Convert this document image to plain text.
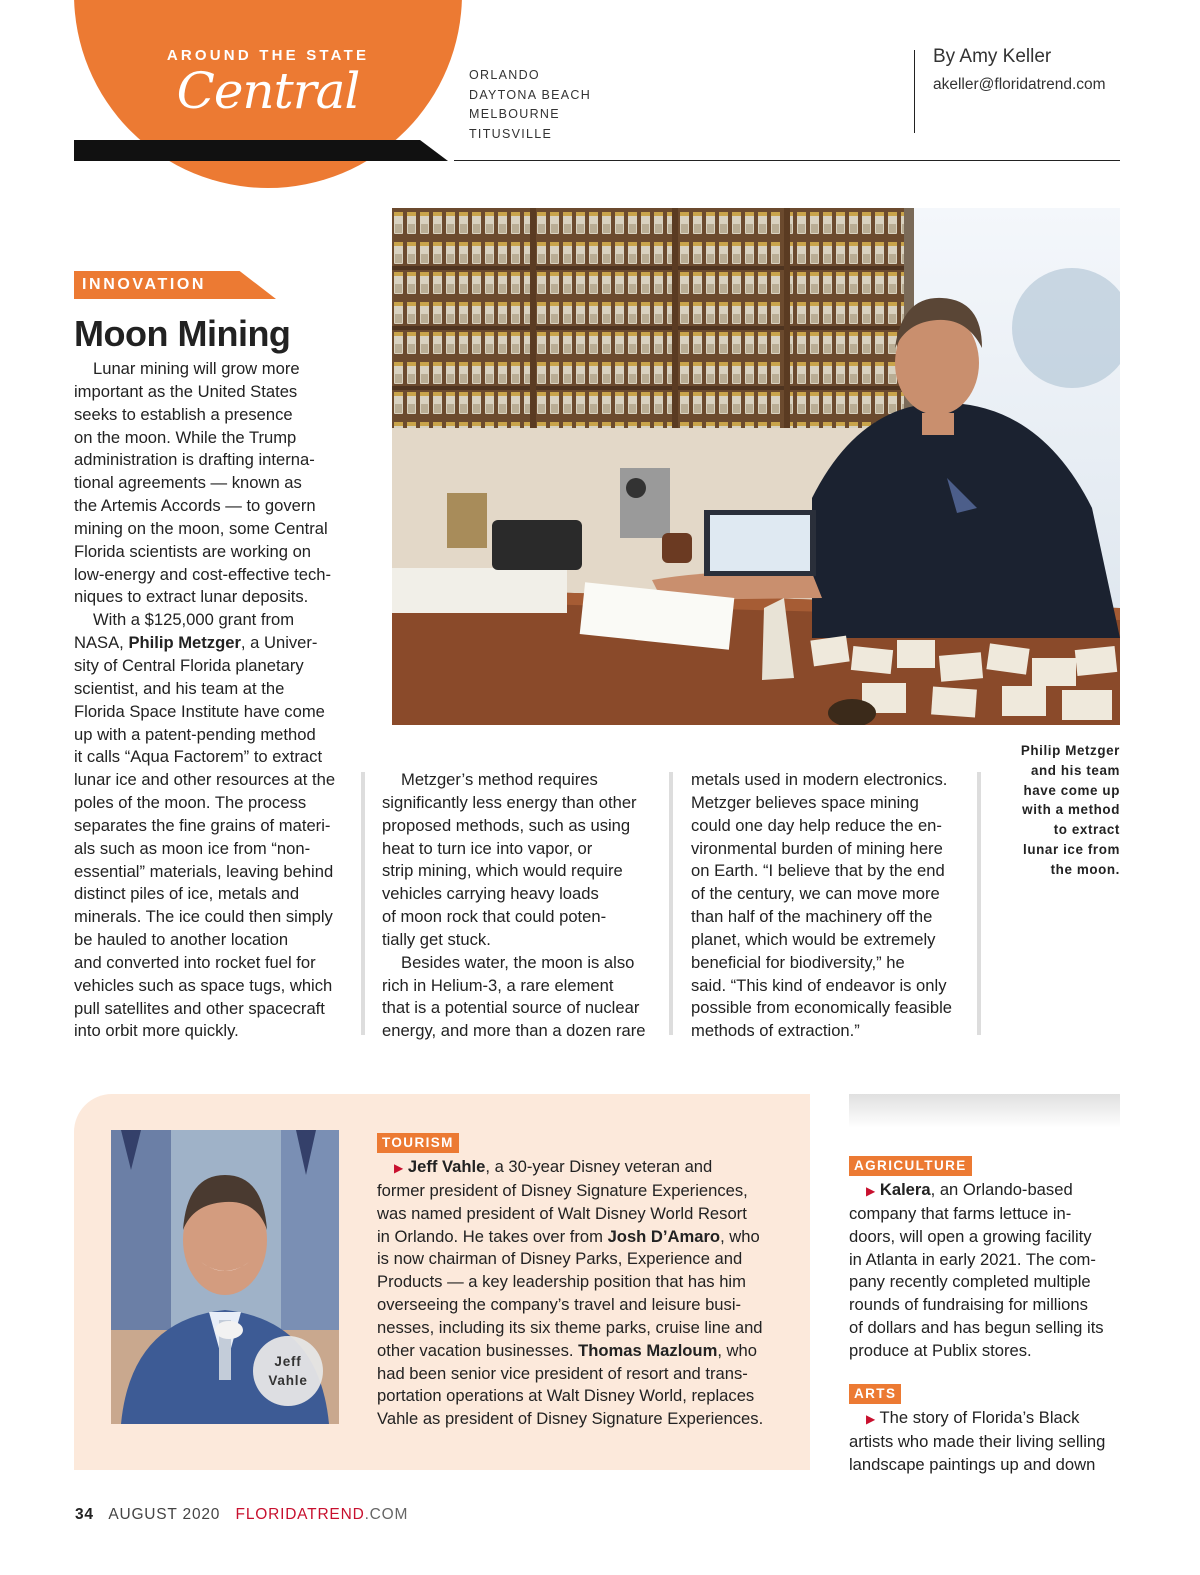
AROUND THE STATE
Central	ORLANDO
DAYTONA BEACH
MELBOURNE
TITUSVILLE
By Amy Keller
akeller@floridatrend.com
INNOVATION
Moon Mining

Lunar mining will grow more

important as the United States

seeks to establish a presence

on the moon. While the Trump

administration is drafting interna-

tional agreements — known as

the Artemis Accords — to govern

mining on the moon, some Central

Florida scientists are working on

low-energy and cost-effective tech-

niques to extract lunar deposits.

With a $125,000 grant from

NASA, Philip Metzger, a Univer-

sity of Central Florida planetary

scientist, and his team at the

Florida Space Institute have come

up with a patent-pending method

it calls “Aqua Factorem” to extract

lunar ice and other resources at the

poles of the moon. The process

separates the fine grains of materi-

als such as moon ice from “non-

essential” materials, leaving behind

distinct piles of ice, metals and

minerals. The ice could then simply

be hauled to another location

and converted into rocket fuel for

vehicles such as space tugs, which

pull satellites and other spacecraft

into orbit more quickly.

Metzger’s method requires

significantly less energy than other

proposed methods, such as using

heat to turn ice into vapor, or

strip mining, which would require

vehicles carrying heavy loads

of moon rock that could poten-

tially get stuck.

Besides water, the moon is also

rich in Helium-3, a rare element

that is a potential source of nuclear

energy, and more than a dozen rare

metals used in modern electronics.

Metzger believes space mining

could one day help reduce the en-

vironmental burden of mining here

on Earth. “I believe that by the end

of the century, we can move more

than half of the machinery off the

planet, which would be extremely

beneficial for biodiversity,” he

said. “This kind of endeavor is only

possible from economically feasible

methods of extraction.”

Philip Metzger
and his team
have come up
with a method
to extract
lunar ice from
the moon.
Jeff
Vahle
TOURISM

▶ Jeff Vahle, a 30-year Disney veteran and

former president of Disney Signature Experiences,

was named president of Walt Disney World Resort

in Orlando. He takes over from Josh D’Amaro, who

is now chairman of Disney Parks, Experience and

Products — a key leadership position that has him

overseeing the company’s travel and leisure busi-

nesses, including its six theme parks, cruise line and

other vacation businesses. Thomas Mazloum, who

had been senior vice president of resort and trans-

portation operations at Walt Disney World, replaces

Vahle as president of Disney Signature Experiences.

AGRICULTURE

▶ Kalera, an Orlando-based

company that farms lettuce in-

doors, will open a growing facility

in Atlanta in early 2021. The com-

pany recently completed multiple

rounds of fundraising for millions

of dollars and has begun selling its

produce at Publix stores.

ARTS

▶ The story of Florida’s Black

artists who made their living selling

landscape paintings up and down

34 AUGUST 2020 FLORIDATREND.COM
